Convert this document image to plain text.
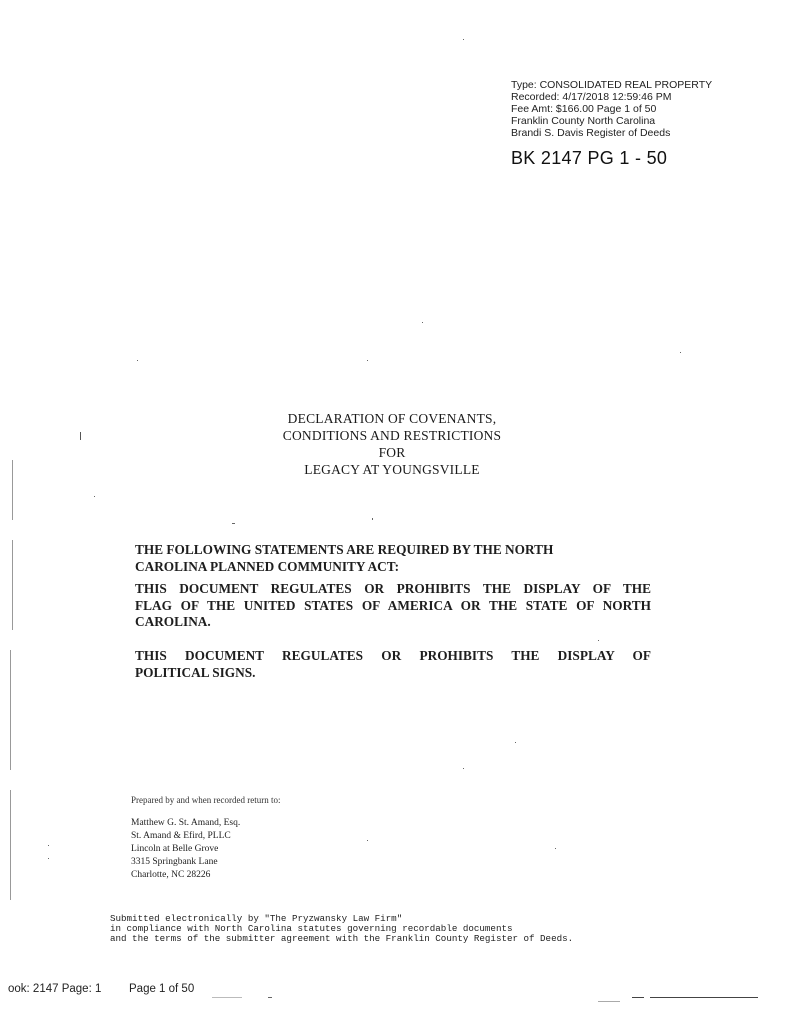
Type: CONSOLIDATED REAL PROPERTY
Recorded: 4/17/2018 12:59:46 PM
Fee Amt: $166.00 Page 1 of 50
Franklin County North Carolina
Brandi S. Davis Register of Deeds
BK 2147 PG 1 - 50
DECLARATION OF COVENANTS,
CONDITIONS AND RESTRICTIONS
FOR
LEGACY AT YOUNGSVILLE
THE FOLLOWING STATEMENTS ARE REQUIRED BY THE NORTH
CAROLINA PLANNED COMMUNITY ACT:
THIS DOCUMENT REGULATES OR PROHIBITS THE DISPLAY OF THE
FLAG OF THE UNITED STATES OF AMERICA OR THE STATE OF NORTH
CAROLINA.
THIS DOCUMENT REGULATES OR PROHIBITS THE DISPLAY OF
POLITICAL SIGNS.
Prepared by and when recorded return to:
Matthew G. St. Amand, Esq.
St. Amand & Efird, PLLC
Lincoln at Belle Grove
3315 Springbank Lane
Charlotte, NC 28226
Submitted electronically by "The Pryzwansky Law Firm"
in compliance with North Carolina statutes governing recordable documents
and the terms of the submitter agreement with the Franklin County Register of Deeds.
ook: 2147 Page: 1 Page 1 of 50
